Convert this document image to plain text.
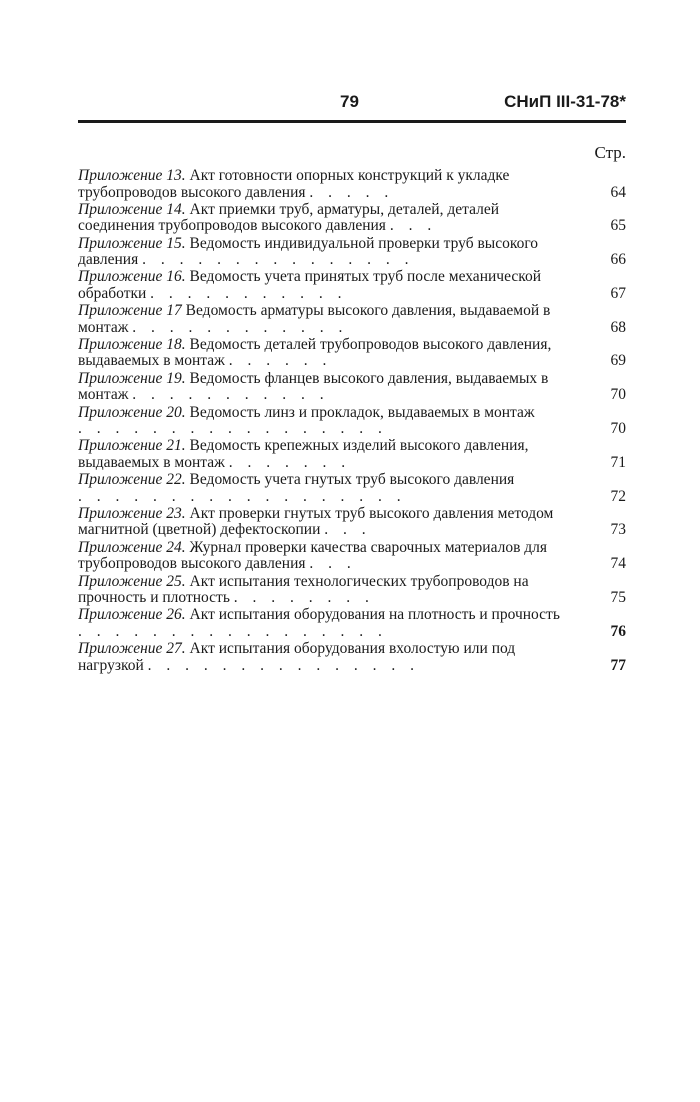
79	СНиП III-31-78*
Стр.
Приложение 13. Акт готовности опорных конструкций к укладке трубопроводов высокого давления . . . . .	64
Приложение 14. Акт приемки труб, арматуры, деталей, деталей соединения трубопроводов высокого давления . . .	65
Приложение 15. Ведомость индивидуальной проверки труб высокого давления . . . . . . . . . . . . . . .	66
Приложение 16. Ведомость учета принятых труб после механической обработки . . . . . . . . . . .	67
Приложение 17 Ведомость арматуры высокого давления, выдаваемой в монтаж . . . . . . . . . . . .	68
Приложение 18. Ведомость деталей трубопроводов высокого давления, выдаваемых в монтаж . . . . . .	69
Приложение 19. Ведомость фланцев высокого давления, выдаваемых в монтаж . . . . . . . . . . .	70
Приложение 20. Ведомость линз и прокладок, выдаваемых в монтаж . . . . . . . . . . . . . . . . .	70
Приложение 21. Ведомость крепежных изделий высокого давления, выдаваемых в монтаж . . . . . . .	71
Приложение 22. Ведомость учета гнутых труб высокого давления . . . . . . . . . . . . . . . . . .	72
Приложение 23. Акт проверки гнутых труб высокого давления методом магнитной (цветной) дефектоскопии . . .	73
Приложение 24. Журнал проверки качества сварочных материалов для трубопроводов высокого давления . . .	74
Приложение 25. Акт испытания технологических трубопроводов на прочность и плотность . . . . . . . .	75
Приложение 26. Акт испытания оборудования на плотность и прочность . . . . . . . . . . . . . . . . .	76
Приложение 27. Акт испытания оборудования вхолостую или под нагрузкой . . . . . . . . . . . . . . .	77
